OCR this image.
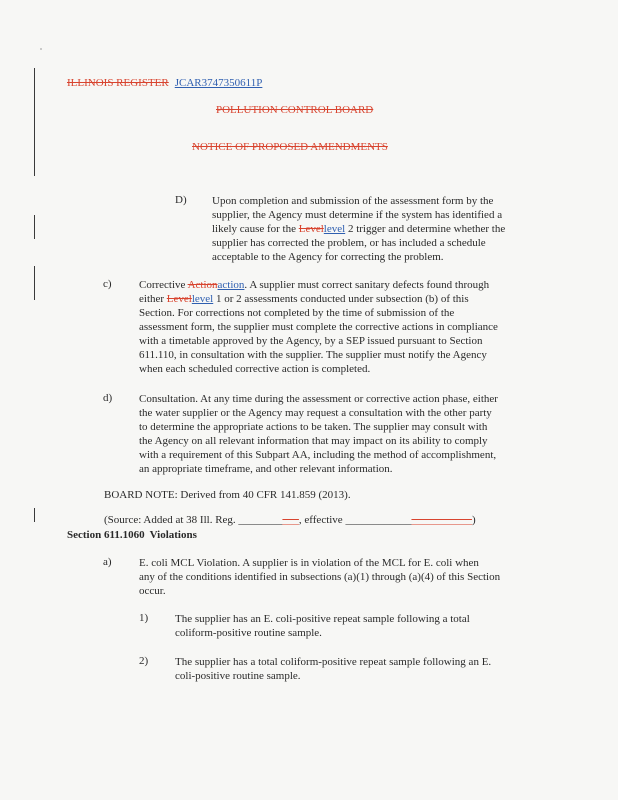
ILLINOIS REGISTER JCAR3747350611P

POLLUTION CONTROL BOARD

NOTICE OF PROPOSED AMENDMENTS

D) Upon completion and submission of the assessment form by the

supplier, the Agency must determine if the system has identified a

likely cause for the Levellevel 2 trigger and determine whether the

supplier has corrected the problem, or has included a schedule

acceptable to the Agency for correcting the problem.

c) Corrective Actionaction. A supplier must correct sanitary defects found through

either Levellevel 1 or 2 assessments conducted under subsection (b) of this

Section. For corrections not completed by the time of submission of the

assessment form, the supplier must complete the corrective actions in compliance

with a timetable approved by the Agency, by a SEP issued pursuant to Section

611.110, in consultation with the supplier. The supplier must notify the Agency

when each scheduled corrective action is completed.

d) Consultation. At any time during the assessment or corrective action phase, either

the water supplier or the Agency may request a consultation with the other party

to determine the appropriate actions to be taken. The supplier may consult with

the Agency on all relevant information that may impact on its ability to comply

with a requirement of this Subpart AA, including the method of accomplishment,

an appropriate timeframe, and other relevant information.

BOARD NOTE: Derived from 40 CFR 141.859 (2013).

(Source: Added at 38 Ill. Reg. ___________, effective _______________________)

Section 611.1060 Violations

a) E. coli MCL Violation. A supplier is in violation of the MCL for E. coli when

any of the conditions identified in subsections (a)(1) through (a)(4) of this Section

occur.

1) The supplier has an E. coli-positive repeat sample following a total

coliform-positive routine sample.

2) The supplier has a total coliform-positive repeat sample following an E.

coli-positive routine sample.
